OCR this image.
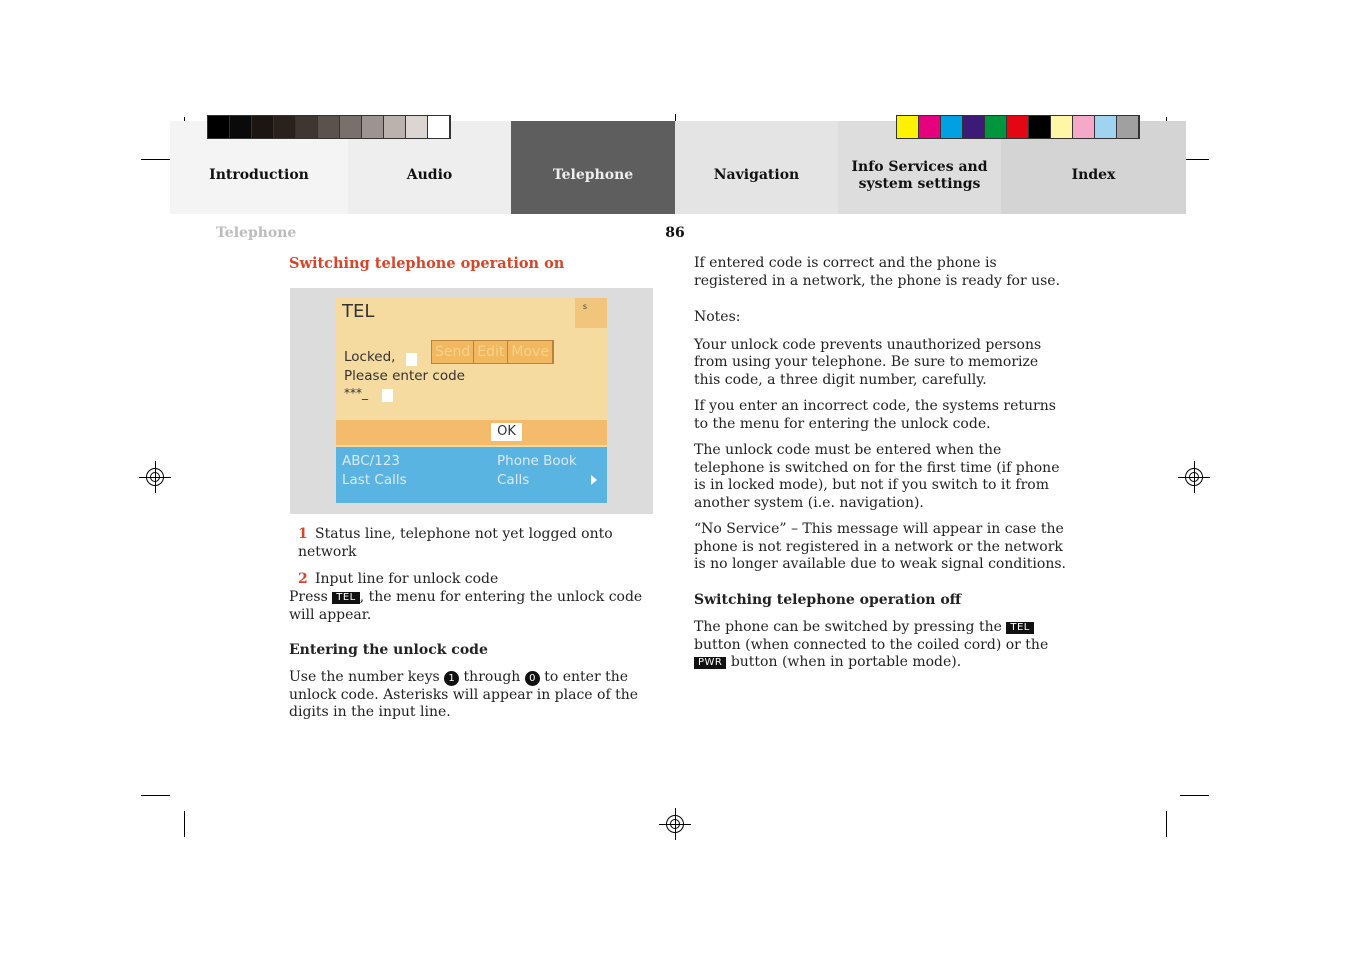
Introduction	Audio	Telephone	Navigation
Info Services and system settings
Index
Telephone	86

Switching telephone operation on

TEL	s
Send Edit Move
Locked,
Please enter code
***_
OK
ABC/123
Last Calls
Phone Book
Calls

1 Status line, telephone not yet logged onto network

2 Input line for unlock code

Press TEL , the menu for entering the unlock code will appear.

Entering the unlock code

Use the number keys 1 through 0 to enter the unlock code. Asterisks will appear in place of the digits in the input line.

If entered code is correct and the phone is registered in a network, the phone is ready for use.

Notes:

Your unlock code prevents unauthorized persons from using your telephone. Be sure to memorize this code, a three digit number, carefully.

If you enter an incorrect code, the systems returns to the menu for entering the unlock code.

The unlock code must be entered when the telephone is switched on for the first time (if phone is in locked mode), but not if you switch to it from another system (i.e. navigation).

“No Service” – This message will appear in case the phone is not registered in a network or the network is no longer available due to weak signal conditions.

Switching telephone operation off

The phone can be switched by pressing the TEL button (when connected to the coiled cord) or the PWR button (when in portable mode).
